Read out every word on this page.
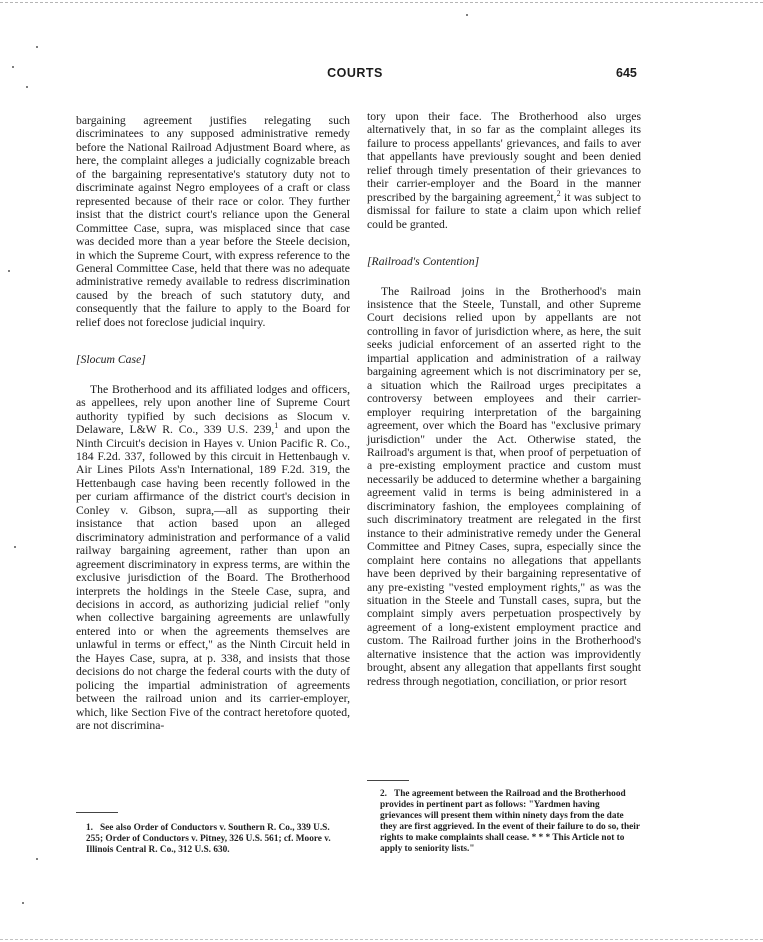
COURTS	645

bargaining agreement justifies relegating such discriminatees to any supposed administrative remedy before the National Railroad Adjustment Board where, as here, the complaint alleges a judicially cognizable breach of the bargaining representative's statutory duty not to discriminate against Negro employees of a craft or class represented because of their race or color. They further insist that the district court's reliance upon the General Committee Case, supra, was misplaced since that case was decided more than a year before the Steele decision, in which the Supreme Court, with express reference to the General Committee Case, held that there was no adequate administrative remedy available to redress discrimination caused by the breach of such statutory duty, and consequently that the failure to apply to the Board for relief does not foreclose judicial inquiry.

[Slocum Case]

The Brotherhood and its affiliated lodges and officers, as appellees, rely upon another line of Supreme Court authority typified by such decisions as Slocum v. Delaware, L&W R. Co., 339 U.S. 239,$^1$ and upon the Ninth Circuit's decision in Hayes v. Union Pacific R. Co., 184 F.2d. 337, followed by this circuit in Hettenbaugh v. Air Lines Pilots Ass'n International, 189 F.2d. 319, the Hettenbaugh case having been recently followed in the per curiam affirmance of the district court's decision in Conley v. Gibson, supra,—all as supporting their insistance that action based upon an alleged discriminatory administration and performance of a valid railway bargaining agreement, rather than upon an agreement discriminatory in express terms, are within the exclusive jurisdiction of the Board. The Brotherhood interprets the holdings in the Steele Case, supra, and decisions in accord, as authorizing judicial relief "only when collective bargaining agreements are unlawfully entered into or when the agreements themselves are unlawful in terms or effect," as the Ninth Circuit held in the Hayes Case, supra, at p. 338, and insists that those decisions do not charge the federal courts with the duty of policing the impartial administration of agreements between the railroad union and its carrier-employer, which, like Section Five of the contract heretofore quoted, are not discrimina-

tory upon their face. The Brotherhood also urges alternatively that, in so far as the complaint alleges its failure to process appellants' grievances, and fails to aver that appellants have previously sought and been denied relief through timely presentation of their grievances to their carrier-employer and the Board in the manner prescribed by the bargaining agreement,$^2$ it was subject to dismissal for failure to state a claim upon which relief could be granted.

[Railroad's Contention]

The Railroad joins in the Brotherhood's main insistence that the Steele, Tunstall, and other Supreme Court decisions relied upon by appellants are not controlling in favor of jurisdiction where, as here, the suit seeks judicial enforcement of an asserted right to the impartial application and administration of a railway bargaining agreement which is not discriminatory per se, a situation which the Railroad urges precipitates a controversy between employees and their carrier-employer requiring interpretation of the bargaining agreement, over which the Board has "exclusive primary jurisdiction" under the Act. Otherwise stated, the Railroad's argument is that, when proof of perpetuation of a pre-existing employment practice and custom must necessarily be adduced to determine whether a bargaining agreement valid in terms is being administered in a discriminatory fashion, the employees complaining of such discriminatory treatment are relegated in the first instance to their administrative remedy under the General Committee and Pitney Cases, supra, especially since the complaint here contains no allegations that appellants have been deprived by their bargaining representative of any pre-existing "vested employment rights," as was the situation in the Steele and Tunstall cases, supra, but the complaint simply avers perpetuation prospectively by agreement of a long-existent employment practice and custom. The Railroad further joins in the Brotherhood's alternative insistence that the action was improvidently brought, absent any allegation that appellants first sought redress through negotiation, conciliation, or prior resort

1. See also Order of Conductors v. Southern R. Co., 339 U.S. 255; Order of Conductors v. Pitney, 326 U.S. 561; cf. Moore v. Illinois Central R. Co., 312 U.S. 630.
2. The agreement between the Railroad and the Brotherhood provides in pertinent part as follows: "Yardmen having grievances will present them within ninety days from the date they are first aggrieved. In the event of their failure to do so, their rights to make complaints shall cease. * * * This Article not to apply to seniority lists."
